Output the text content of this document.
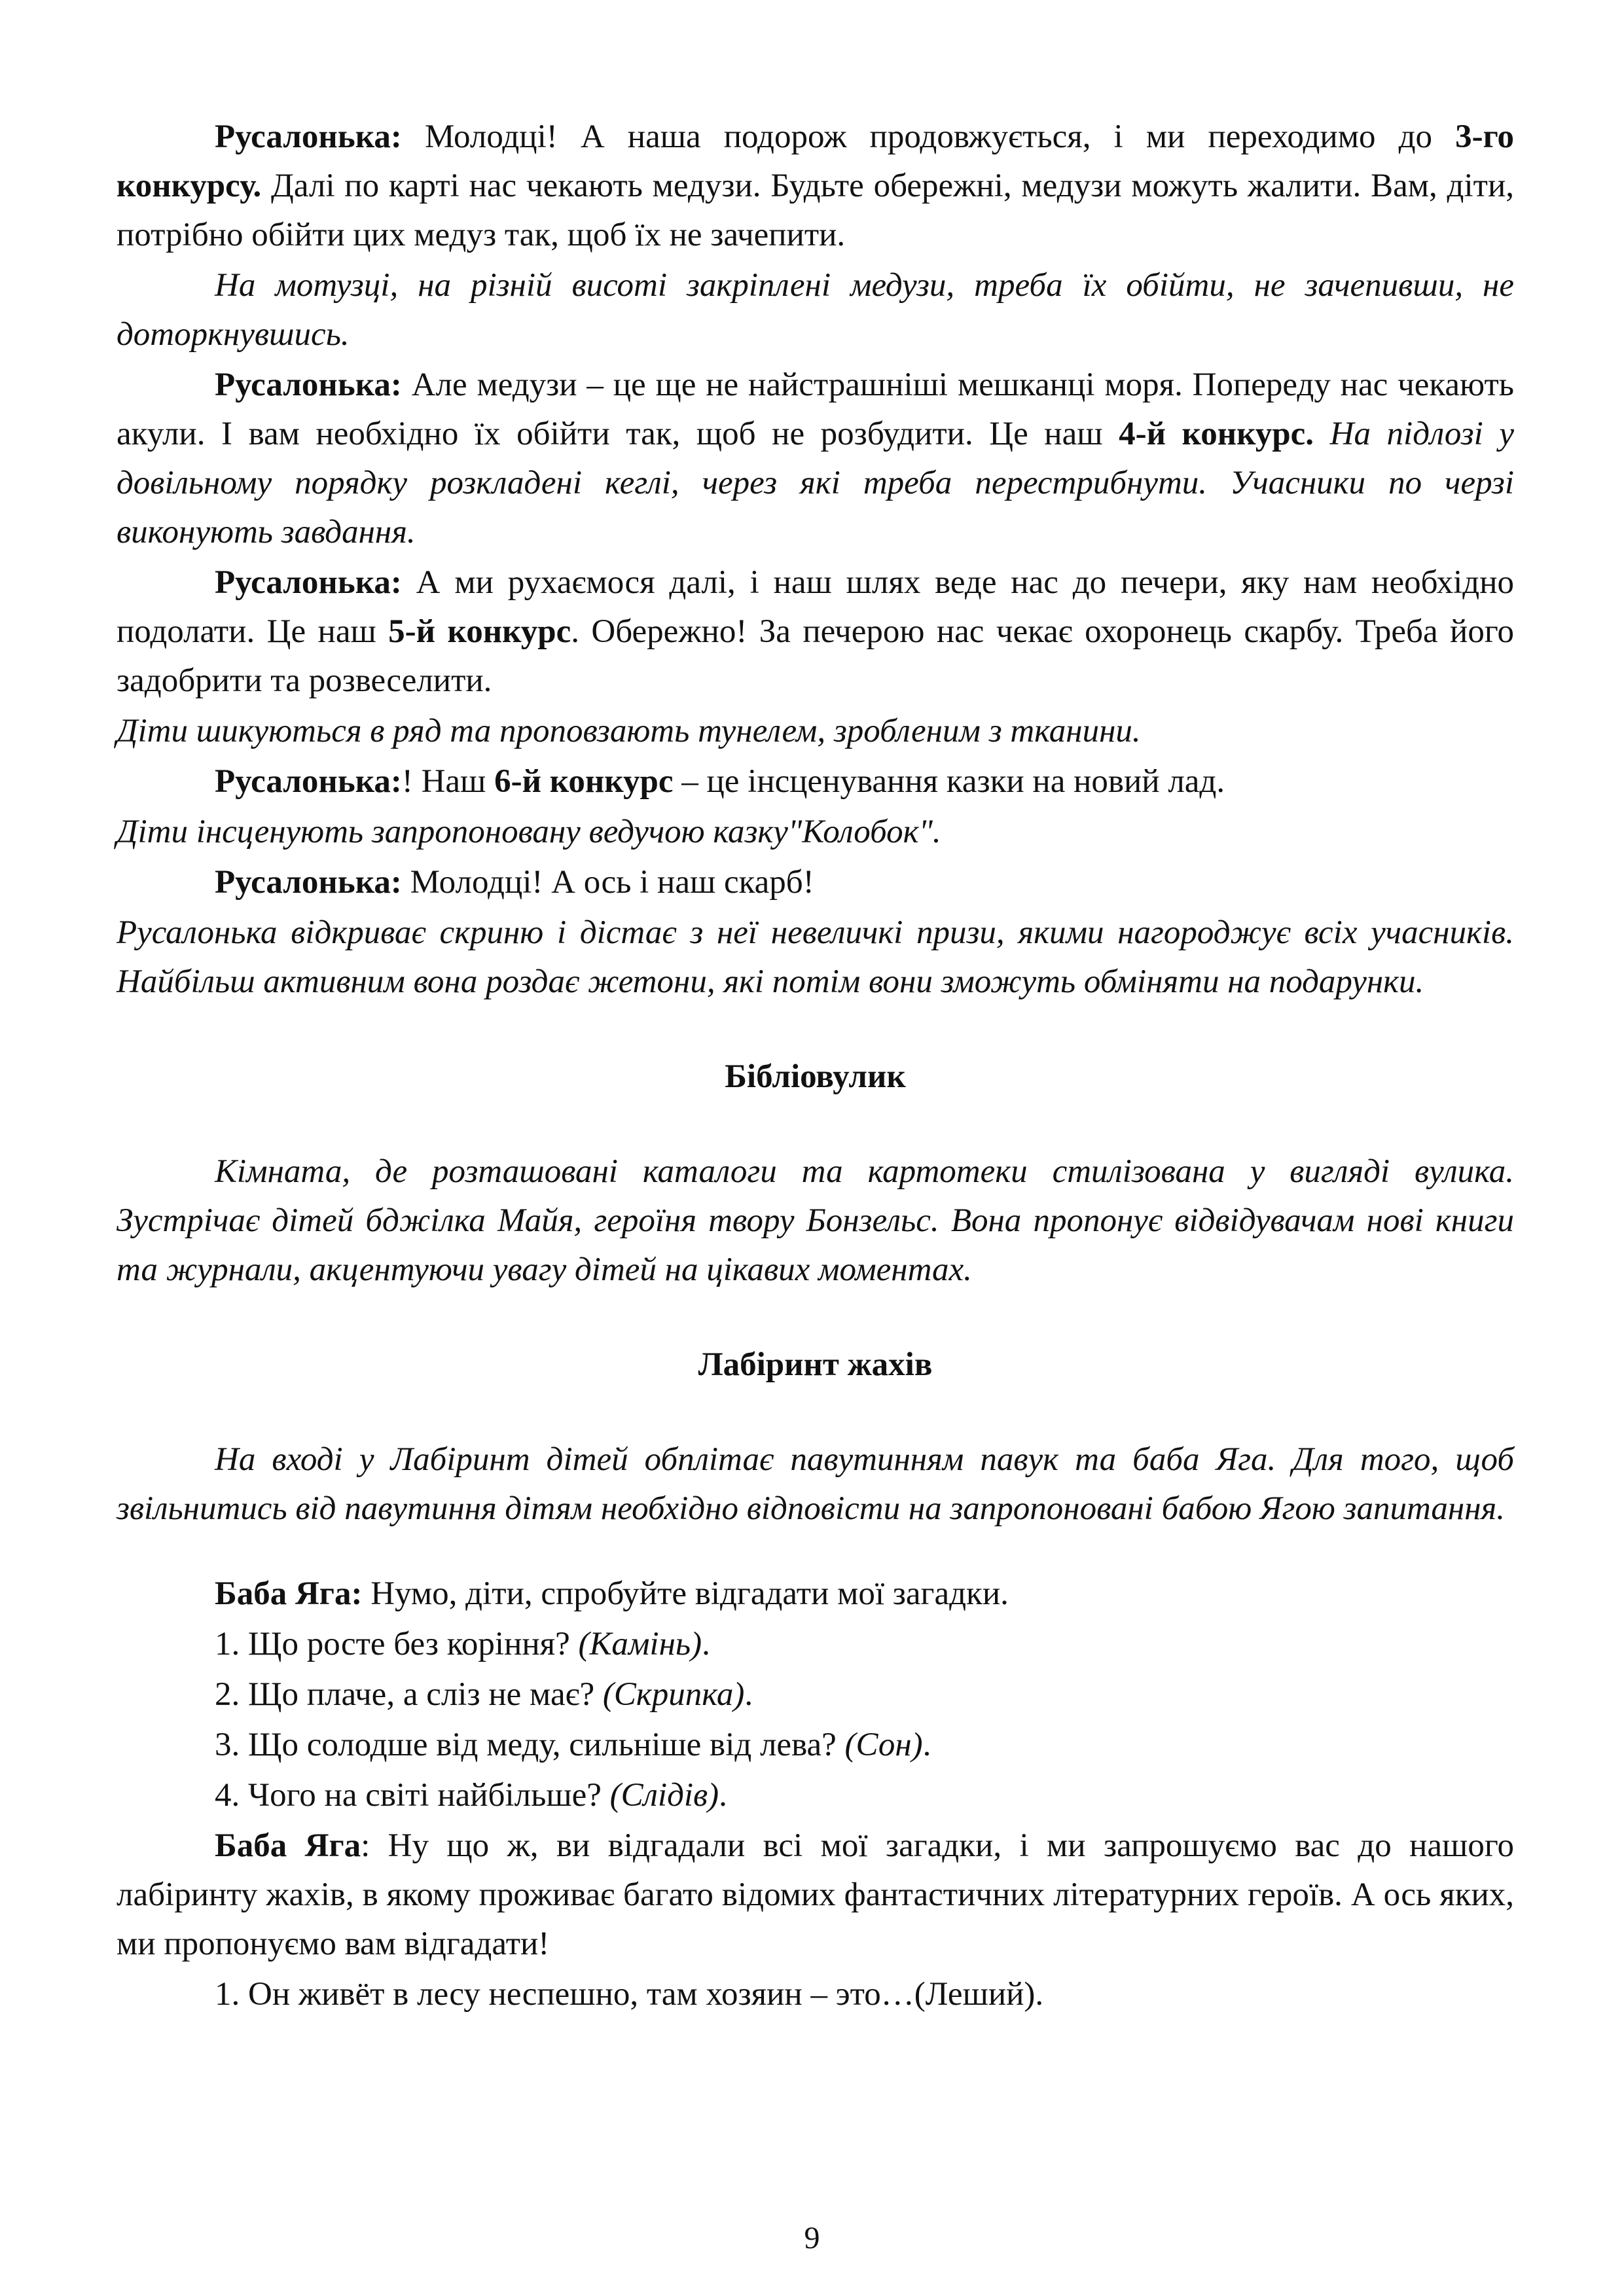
Русалонька: Молодці! А наша подорож продовжується, і ми переходимо до 3-го конкурсу. Далі по карті нас чекають медузи. Будьте обережні, медузи можуть жалити. Вам, діти, потрібно обійти цих медуз так, щоб їх не зачепити.

На мотузці, на різній висоті закріплені медузи, треба їх обійти, не зачепивши, не доторкнувшись.

Русалонька: Але медузи – це ще не найстрашніші мешканці моря. Попереду нас чекають акули. І вам необхідно їх обійти так, щоб не розбудити. Це наш 4-й конкурс. На підлозі у довільному порядку розкладені кеглі, через які треба перестрибнути. Учасники по черзі виконують завдання.

Русалонька: А ми рухаємося далі, і наш шлях веде нас до печери, яку нам необхідно подолати. Це наш 5-й конкурс. Обережно! За печерою нас чекає охоронець скарбу. Треба його задобрити та розвеселити.

Діти шикуються в ряд та проповзають тунелем, зробленим з тканини.

Русалонька:! Наш 6-й конкурс – це інсценування казки на новий лад.

Діти інсценують запропоновану ведучою казку"Колобок".

Русалонька: Молодці! А ось і наш скарб!

Русалонька відкриває скриню і дістає з неї невеличкі призи, якими нагороджує всіх учасників. Найбільш активним вона роздає жетони, які потім вони зможуть обміняти на подарунки.

Бібліовулик

Кімната, де розташовані каталоги та картотеки стилізована у вигляді вулика. Зустрічає дітей бджілка Майя, героїня твору Бонзельс. Вона пропонує відвідувачам нові книги та журнали, акцентуючи увагу дітей на цікавих моментах.

Лабіринт жахів

На вході у Лабіринт дітей обплітає павутинням павук та баба Яга. Для того, щоб звільнитись від павутиння дітям необхідно відповісти на запропоновані бабою Ягою запитання.

Баба Яга: Нумо, діти, спробуйте відгадати мої загадки.

1. Що росте без коріння? (Камінь).

2. Що плаче, а сліз не має? (Скрипка).

3. Що солодше від меду, сильніше від лева? (Сон).

4. Чого на світі найбільше? (Слідів).

Баба Яга: Ну що ж, ви відгадали всі мої загадки, і ми запрошуємо вас до нашого лабіринту жахів, в якому проживає багато відомих фантастичних літературних героїв. А ось яких, ми пропонуємо вам відгадати!

1. Он живёт в лесу неспешно, там хозяин – это…(Леший).

9
